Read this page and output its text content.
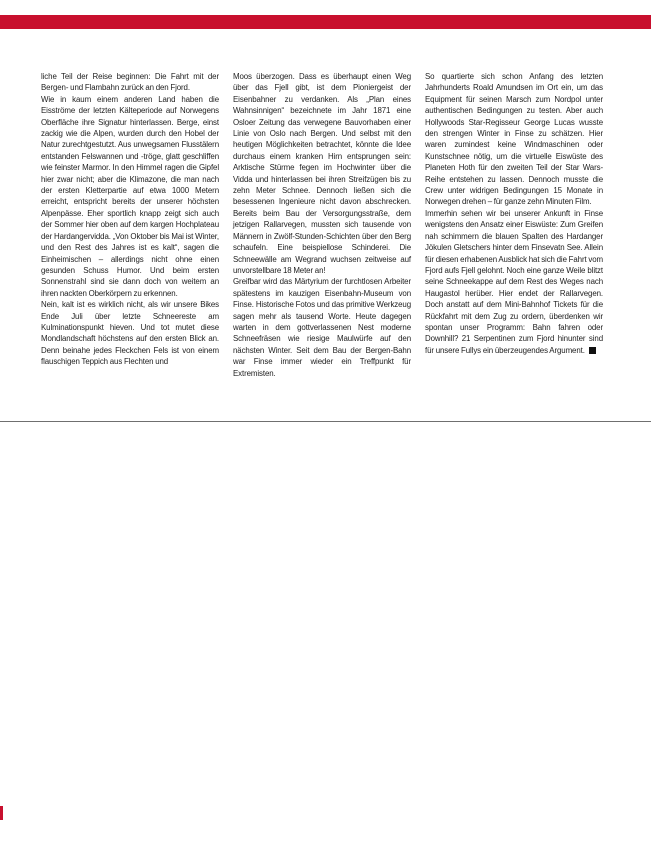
liche Teil der Reise beginnen: Die Fahrt mit der Bergen- und Flambahn zurück an den Fjord.

Wie in kaum einem anderen Land haben die Eisströme der letzten Kälteperiode auf Norwegens Oberfläche ihre Signatur hinterlassen. Berge, einst zackig wie die Alpen, wurden durch den Hobel der Natur zurechtgestutzt. Aus unwegsamen Flusstälern entstanden Felswannen und -tröge, glatt geschliffen wie feinster Marmor. In den Himmel ragen die Gipfel hier zwar nicht; aber die Klimazone, die man nach der ersten Kletterpartie auf etwa 1000 Metern erreicht, entspricht bereits der unserer höchsten Alpenpässe. Eher sportlich knapp zeigt sich auch der Sommer hier oben auf dem kargen Hochplateau der Hardangervidda. „Von Oktober bis Mai ist Winter, und den Rest des Jahres ist es kalt“, sagen die Einheimischen – allerdings nicht ohne einen gesunden Schuss Humor. Und beim ersten Sonnenstrahl sind sie dann doch von weitem an ihren nackten Oberkörpern zu erkennen.

Nein, kalt ist es wirklich nicht, als wir unsere Bikes Ende Juli über letzte Schneereste am Kulminationspunkt hieven. Und tot mutet diese Mondlandschaft höchstens auf den ersten Blick an. Denn beinahe jedes Fleckchen Fels ist von einem flauschigen Teppich aus Flechten und

Moos überzogen. Dass es überhaupt einen Weg über das Fjell gibt, ist dem Pioniergeist der Eisenbahner zu verdanken. Als „Plan eines Wahnsinnigen“ bezeichnete im Jahr 1871 eine Osloer Zeitung das verwegene Bauvorhaben einer Linie von Oslo nach Bergen. Und selbst mit den heutigen Möglichkeiten betrachtet, könnte die Idee durchaus einem kranken Hirn entsprungen sein: Arktische Stürme fegen im Hochwinter über die Vidda und hinterlassen bei ihren Streifzügen bis zu zehn Meter Schnee. Dennoch ließen sich die besessenen Ingenieure nicht davon abschrecken. Bereits beim Bau der Versorgungsstraße, dem jetzigen Rallarvegen, mussten sich tausende von Männern in Zwölf-Stunden-Schichten über den Berg schaufeln. Eine beispiellose Schinderei. Die Schneewälle am Wegrand wuchsen zeitweise auf unvorstellbare 18 Meter an!

Greifbar wird das Märtyrium der furchtlosen Arbeiter spätestens im kauzigen Eisenbahn-Museum von Finse. Historische Fotos und das primitive Werkzeug sagen mehr als tausend Worte. Heute dagegen warten in dem gottverlassenen Nest moderne Schneefräsen wie riesige Maulwürfe auf den nächsten Winter. Seit dem Bau der Bergen-Bahn war Finse immer wieder ein Treffpunkt für Extremisten.

So quartierte sich schon Anfang des letzten Jahrhunderts Roald Amundsen im Ort ein, um das Equipment für seinen Marsch zum Nordpol unter authentischen Bedingungen zu testen. Aber auch Hollywoods Star-Regisseur George Lucas wusste den strengen Winter in Finse zu schätzen. Hier waren zumindest keine Windmaschinen oder Kunstschnee nötig, um die virtuelle Eiswüste des Planeten Hoth für den zweiten Teil der Star Wars-Reihe entstehen zu lassen. Dennoch musste die Crew unter widrigen Bedingungen 15 Monate in Norwegen drehen – für ganze zehn Minuten Film.

Immerhin sehen wir bei unserer Ankunft in Finse wenigstens den Ansatz einer Eiswüste: Zum Greifen nah schimmern die blauen Spalten des Hardanger Jökulen Gletschers hinter dem Finsevatn See. Allein für diesen erhabenen Ausblick hat sich die Fahrt vom Fjord aufs Fjell gelohnt. Noch eine ganze Weile blitzt seine Schneekappe auf dem Rest des Weges nach Haugastol herüber. Hier endet der Rallarvegen. Doch anstatt auf dem Mini-Bahnhof Tickets für die Rückfahrt mit dem Zug zu ordern, überdenken wir spontan unser Programm: Bahn fahren oder Downhill? 21 Serpentinen zum Fjord hinunter sind für unsere Fullys ein überzeugendes Argument.
